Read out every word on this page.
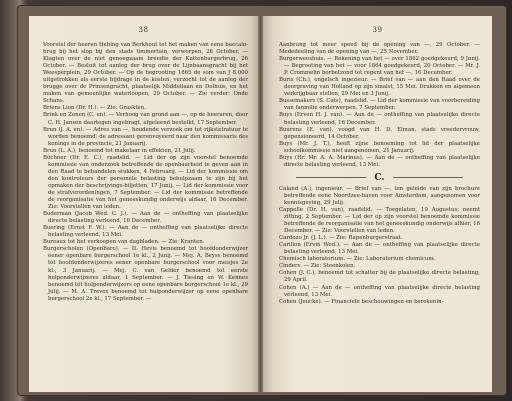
38

Voorstel der heeren Hebing van Berkhout tot het maken van eene baccalo-brug bij het slop bij den stads timmertuin, verworpen, 26 October. — Klagten over de niet genoegzaam breedte der Kattenburgerbrug, 26 October. — Besluit tot aanleg der brug over de Lijnbaansgracht bij het Weesperplein, 29 October. — Op de begrooting 1865 de som van ƒ 8.000 uitgetrokken als eerste bijdrage in de kosten, verzocht tot de aanleg der brugge over de Prinsengracht, plaatselijk Middellaan en Dolhuis, en het maken van gemeenlijke waterloopen, 29 October. — Zie verder: Onde Schans.

Briens Lion (Dr. H.). — Zie: Graskten.

Brink en Zonen (C. en). — Verhoog van grond aan —, op de heeraren, door C. H. Jansen daartegen ingebragt, afgeleend bestelkt, 17 September.

Brun (J. A. en). — Adres van —, houdende verzoek om tot rijkstelratuur te worden benoemd; de adressant gerenvoyeerd naar den kommissaris des konings in de provincie, 21 Januarij.

Brun (L. A.), benoemd tot makelaar in effekten, 21 Julij.

Büchner (Dr. E. C.), raadslid. — Lid der op zijn voorstel benoemde kommissie van onderzoek betreffende de openbaarheid te geven aan in den Raad te behandelen stukken, 4 Februarij. — Lid der kommissie om den kontroleurs der personele belasting behulpzaam te zijn bij het opmaken der beschrijvings-biljetten, 17 Junij. — Lid der kommissie voor de strafverordeningen, 7 September. — Lid der kommissie betreffende de reorganisatie van het geneeskundig onderwijs aldaar, 16 December. Zie: Voorstellen van leden.

Buderman (Jacob Wed. C. J.). — Aan de — ontheffing van plaatselijke directe belasting verleend, 16 December.

Buering (Ernst F. W.). — Aan de — ontheffing van plaatselijke directe belasting verleend, 13 Mei.

Bureaux tot het verkoopen van dagbladen. — Zie: Kranten.

Burgerscholen (Openbare). — II. Hevis benoemd tot hoofdonderwijzer eener openbare burgerschool 1e kl., 2 Junij. — Mej. A. Beyss benoemd tot hoofdonderwijzeres eener openbare burgerschool voor meisjes 2e kl., 3 Januarij. — Mej. C. van Gelder benoemd tot eerste hulponderwijzeres aldaar, 1 September. — J. Tiesing en W. Kennes benoemd tot hulponderwijzers op eene openbare burgerschool 1e kl., 29 Julij. — M. A. Trevex benoemd tot hulponderwijzer op eene openbare burgerschool 2e kl., 17 September. —

39

Aanbrung tot meer speed bij de opening van —, 29 October. — Mededeeling van de opening van —, 25 November.

Burgerweeshuis. — Rekening van het — over 1862 goedgekeurd, 9 Junij. — Begrooting van het — voor 1864 goedgekeurd, 20 October. — Mr. J. P. Crommelin borbetzond tot regent van het —, 16 December.

Buris (Ch.), engelsch ingezieur. — Brief van — aan den Raad over de doorgraving van Holland op zijn smalst, 15 Mei. Drukken en algemeen verkrijgbaar stellen, 29 Mei en 3 Junij.

Bussemakers (S. Cats), raadslid. — Lid der kommissie van voorbereiding van fanmilie onderwerpen, 7 September.

Buys (Erven H. J. van). — Aan de — ontheffing van plaatselijke directe belasting verleend, 16 December.

Buurens (E. van), voogd van H. D. Elman, stads vreedervrouw, gepensioneerd, 14 October.

Buys (Mr. J. T.), heeft zijne benoeming tot lid der plaatselijke schoolkommissie niet aangenomen, 21 Januarij.

Buys (Hr. Mr. A. A. Marinus). — Aan de — ontheffing van plaatselijke directe belasting verleend, 13 Mei.

C.

Caland (A.), ingenieur. — Brief van —, ten geleide van zijn brochure betreffende eene Noordzee-haven voor Amsterdam, aangenomen voor kennisgeving, 29 Julij.

Cappelle (Dr. H. van), raadslid. — Toegelaten, 19 Augustus; neemt zitting, 2 September. — Lid der op zijn voorstel benoemde kommissie betreffende de reorganisatie van het geneeskundig onderwijs alhier, 16 December. — Zie: Voorstellen van leden.

Cardozo Jr. (J. L.). — Zie: Rapenburgerstraat.

Carillon (Ervin Wed.). — Aan de — ontheffing van plaatselijke directe belasting verleend, 13 Mei.

Chemisch laboratorium. — Zie: Laboratorium chemicum.

Cinders. — Zie: Steenkolen.

Cohen (J. C.), benoemd tot schatter bij de plaatselijke directe belasting, 29 April.

Cohen (A.) — Aan de — ontheffing van plaatselijke directe belasting verleend, 13 Mei.

Cohen (Jeucke). — Financiele beschouwingen en berekenin-
